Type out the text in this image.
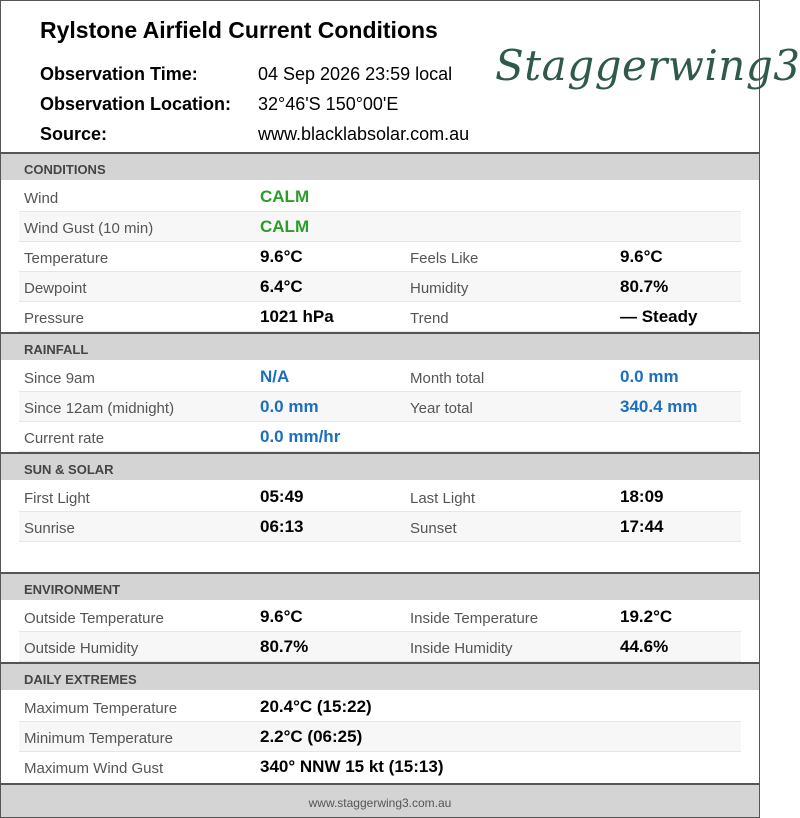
Rylstone Airfield Current Conditions
Staggerwing3
Observation Time:	04 Sep 2026 23:59 local
Observation Location: 32°46'S 150°00'E
Source:	www.blacklabsolar.com.au
CONDITIONS
Wind	CALM
Wind Gust (10 min)	CALM
Temperature	9.6°C	Feels Like	9.6°C
Dewpoint	6.4°C	Humidity	80.7%
Pressure	1021 hPa	Trend	— Steady
RAINFALL
Since 9am	N/A	Month total	0.0 mm
Since 12am (midnight)	0.0 mm	Year total	340.4 mm
Current rate	0.0 mm/hr
SUN & SOLAR
First Light	05:49	Last Light	18:09
Sunrise	06:13	Sunset	17:44
ENVIRONMENT
Outside Temperature	9.6°C	Inside Temperature	19.2°C
Outside Humidity	80.7%	Inside Humidity	44.6%
DAILY EXTREMES
Maximum Temperature	20.4°C (15:22)
Minimum Temperature	2.2°C (06:25)
Maximum Wind Gust	340° NNW 15 kt (15:13)
www.staggerwing3.com.au
